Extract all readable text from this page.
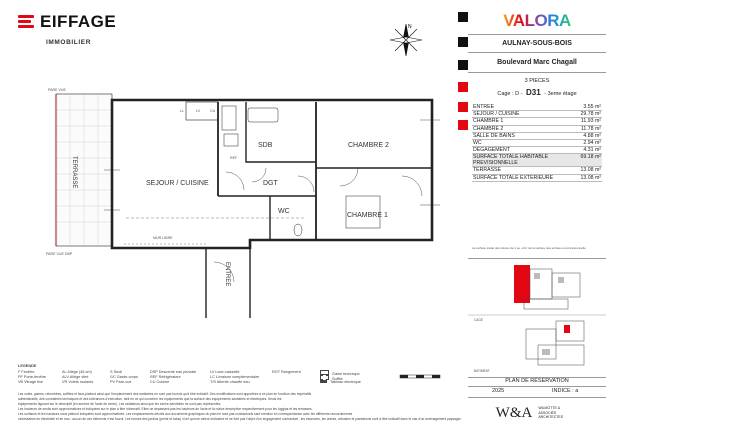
EIFFAGE
IMMOBILIER
N
TERRASSE	SEJOUR / CUISINE
SDB	CHAMBRE 2
DGT
WC
CHAMBRE 1
ENTREE
PARE VUE
PARE VUE DBP
MUR LIBRE
REF
LL	LV	CU
LEGENDE
F Fenêtre
PF Porte-fenêtre
VB Vitrage fixe
AL Allège (45 cm)
ALV Allège vitré
VR Volets roulants
S Seuil
GC Garde-corps
PV Pare-vue
DSP Descente eau pluviale
REF Réfrigérateur
CU Cuisine
LV Lave-vaisselle
LC Livraison complémentaire
T/S Attente chauffe eau
RGT Rangement	Gaine technique
Soffite
Tableau électrique
Les cotes, gaines, retombées, soffites et faux-plafond ainsi que l'emplacement des sanitaires ne sont pas fournis qu'à titre indicatif. Des modifications sont apportées à ce plan en fonction des impératifs
administratifs, des contraintes techniques et des tolérances d'exécution, tant en ce qui concerne les équipements que la surface des équipements sanitaires et électriques. Seuls les
équipements figurant sur le descriptif (en annexe de l'acte de vente). Les radiateurs ainsi que les sèche-serviettes ne sont pas représentés.
Les hauteurs de seuils sont approximatives et indiquées sur le plan à titre informatif. Elles ne dépassent pas les hauteurs de l'acte et la notice descriptive respectivement pour les loggias et les terrasses.
Les surfaces et les hauteurs sous plafond indiquées sont approximatives. Les emplacements décrits aux documents graphiques du plan ne sont pas contractuels sauf mention en correspondance avec les différents raccordements
nécessaires en électricité et en eau : aucun de ces éléments n'est fourni. Les formes des jardins (pente et talus) n'ont qu'une valeur indicative et ne font pas l'objet d'un engagement contractuel ; les essences, les arbres, arbustes et plantations sont à titre indicatif dans le cas d'un aménagement paysager.
VALORA
AULNAY-SOUS-BOIS
Boulevard Marc Chagall
3 PIECES
Cage : D - D31 - 3eme étage
ENTREE	3.55 m²
SEJOUR / CUISINE	29.78 m²
CHAMBRE 1	11.93 m²
CHAMBRE 2	11.78 m²
SALLE DE BAINS	4.88 m²
WC	2.94 m²
DEGAGEMENT	4.31 m²
SURFACE TOTALE HABITABLE PREVISIONNELLE
69.18 m²
TERRASSE	13.08 m²
SURFACE TOTALE EXTERIEURE	13.08 m²
La surface totale des pièces de 1 ou -2m² de la surface des entrées est prévisionnelle
CAGE
BATIMENT
PLAN DE RÉSERVATION
2025	INDICE : a
W&A WILMOTTE & ASSOCIÉS ARCHITECTES
